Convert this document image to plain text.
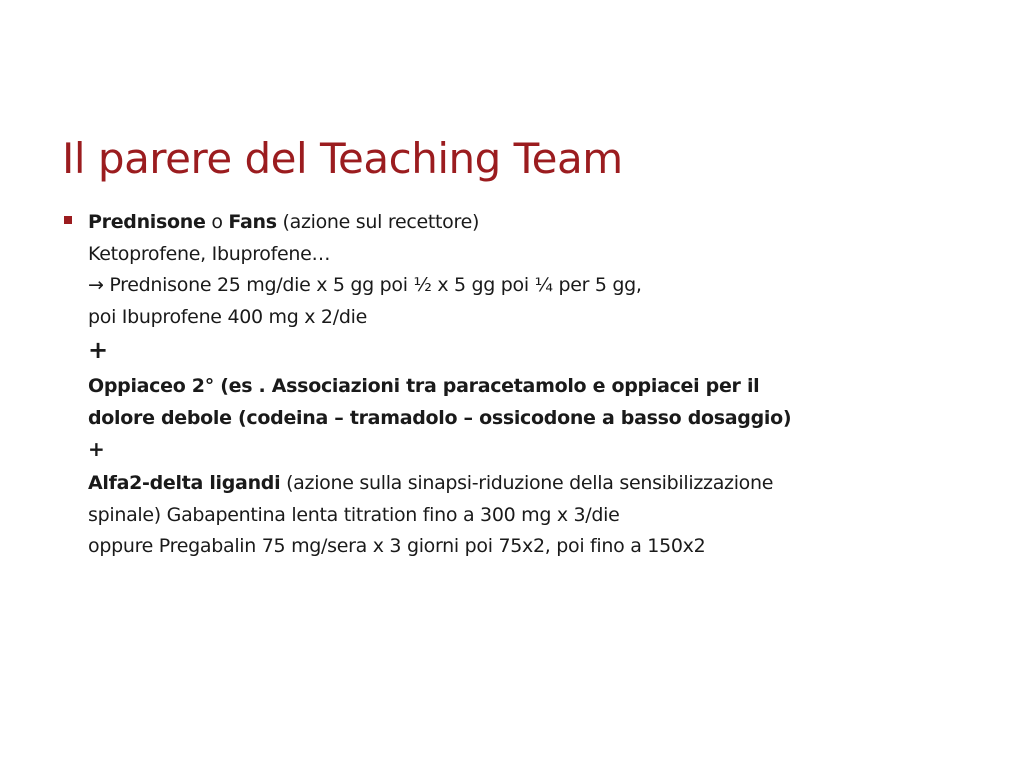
Il parere del Teaching Team
Prednisone o Fans (azione sul recettore)
Ketoprofene, Ibuprofene…
→ Prednisone 25 mg/die x 5 gg poi ½ x 5 gg poi ¼ per 5 gg,
poi Ibuprofene 400 mg x 2/die
+
Oppiaceo 2° (es . Associazioni tra paracetamolo e oppiacei per il
dolore debole (codeina – tramadolo – ossicodone a basso dosaggio)
+
Alfa2-delta ligandi (azione sulla sinapsi-riduzione della sensibilizzazione
spinale) Gabapentina lenta titration fino a 300 mg x 3/die
oppure Pregabalin 75 mg/sera x 3 giorni poi 75x2, poi fino a 150x2
